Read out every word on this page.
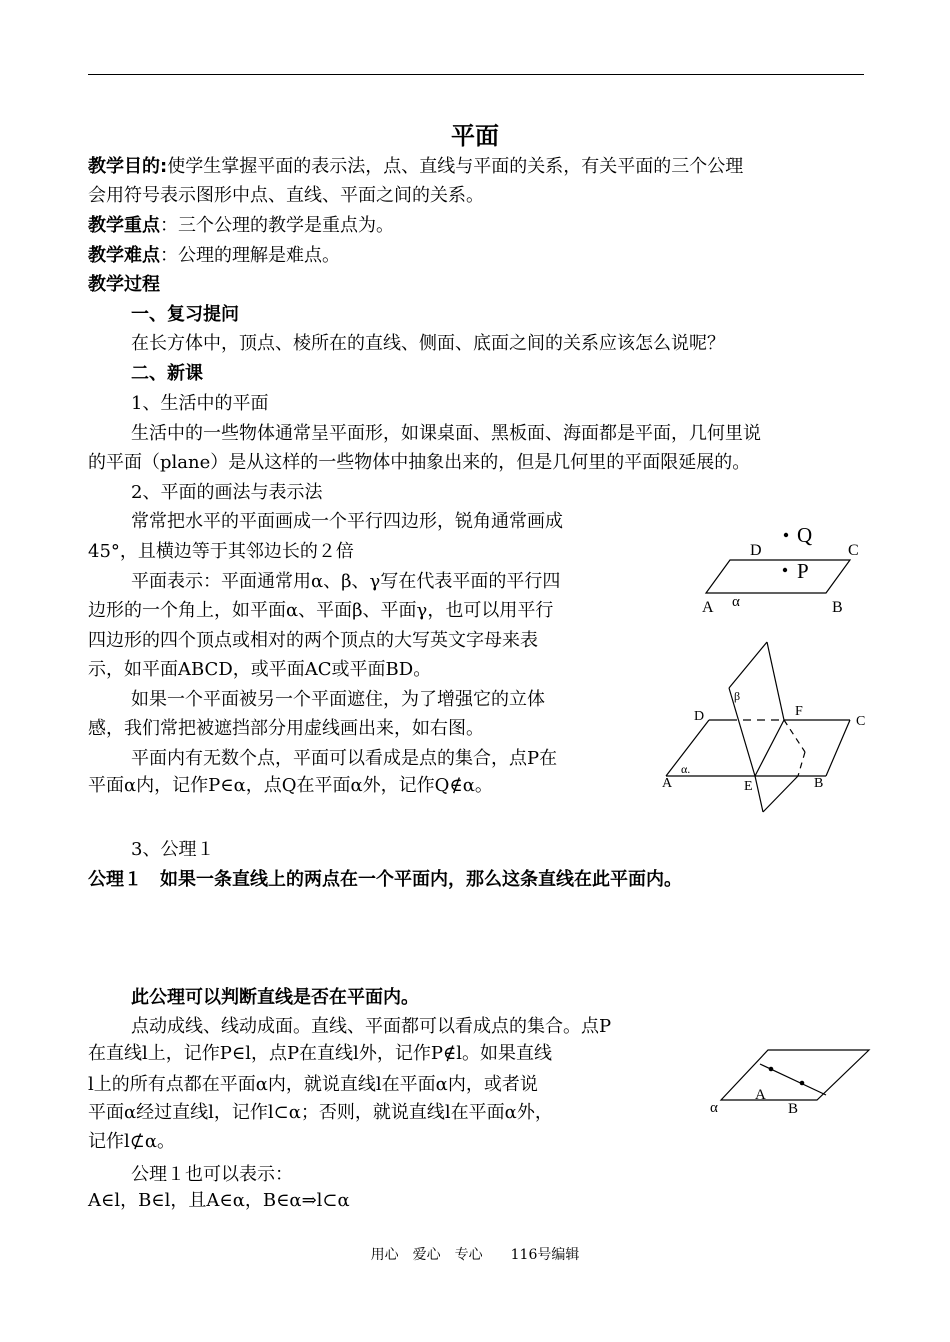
平面
教学目的:使学生掌握平面的表示法，点、直线与平面的关系，有关平面的三个公理
会用符号表示图形中点、直线、平面之间的关系。
教学重点：三个公理的教学是重点为。
教学难点：公理的理解是难点。
教学过程
一、复习提问
在长方体中，顶点、棱所在的直线、侧面、底面之间的关系应该怎么说呢？
二、新课
1、生活中的平面
生活中的一些物体通常呈平面形，如课桌面、黑板面、海面都是平面，几何里说
的平面（plane）是从这样的一些物体中抽象出来的，但是几何里的平面限延展的。
2、平面的画法与表示法
常常把水平的平面画成一个平行四边形，锐角通常画成
45°，且横边等于其邻边长的２倍
平面表示：平面通常用α、β、γ写在代表平面的平行四
边形的一个角上，如平面α、平面β、平面γ，也可以用平行
四边形的四个顶点或相对的两个顶点的大写英文字母来表
示，如平面ABCD，或平面AC或平面BD。
如果一个平面被另一个平面遮住，为了增强它的立体
感，我们常把被遮挡部分用虚线画出来，如右图。
平面内有无数个点，平面可以看成是点的集合，点P在
平面α内，记作P∈α，点Q在平面α外，记作Q∉α。
3、公理１
公理１　如果一条直线上的两点在一个平面内，那么这条直线在此平面内。
此公理可以判断直线是否在平面内。
点动成线、线动成面。直线、平面都可以看成点的集合。点P
在直线l上，记作P∈l，点P在直线l外，记作P∉l。如果直线
l上的所有点都在平面α内，就说直线l在平面α内，或者说
平面α经过直线l，记作l⊂α；否则，就说直线l在平面α外，
记作l⊄α。
公理１也可以表示：
A∈l，B∈l，且A∈α，B∈α⇒l⊂α
Q
P
D	C
A	B
α
D	F
C
A	E	B
α.
β
A
B
α
用心　爱心　专心　　116号编辑
